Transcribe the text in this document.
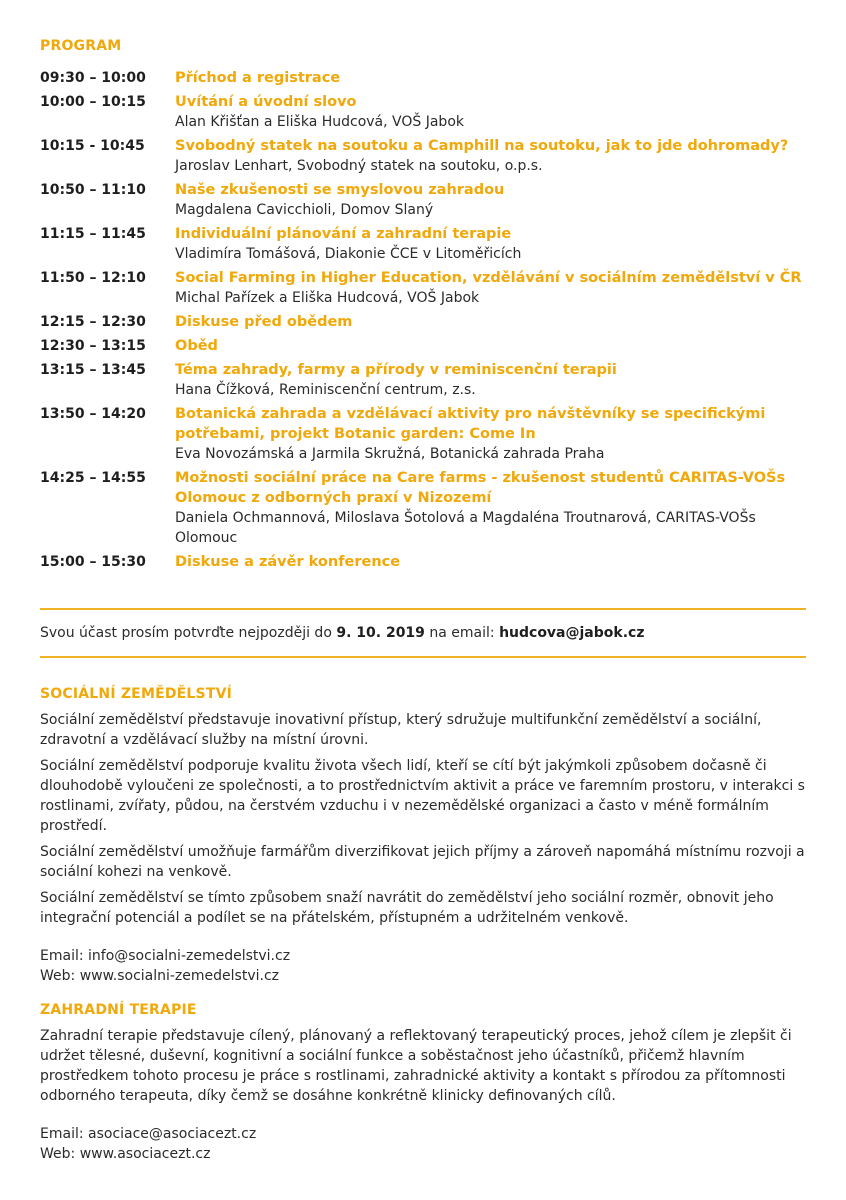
PROGRAM
09:30 – 10:00	Příchod a registrace
10:00 – 10:15	Uvítání a úvodní slovo
Alan Křišťan a Eliška Hudcová, VOŠ Jabok
10:15 - 10:45	Svobodný statek na soutoku a Camphill na soutoku, jak to jde dohromady?
Jaroslav Lenhart, Svobodný statek na soutoku, o.p.s.
10:50 – 11:10	Naše zkušenosti se smyslovou zahradou
Magdalena Cavicchioli, Domov Slaný
11:15 – 11:45	Individuální plánování a zahradní terapie
Vladimíra Tomášová, Diakonie ČCE v Litoměřicích
11:50 – 12:10	Social Farming in Higher Education, vzdělávání v sociálním zemědělství v ČR
Michal Pařízek a Eliška Hudcová, VOŠ Jabok
12:15 – 12:30	Diskuse před obědem
12:30 – 13:15	Oběd
13:15 – 13:45	Téma zahrady, farmy a přírody v reminiscenční terapii
Hana Čížková, Reminiscenční centrum, z.s.
13:50 – 14:20	Botanická zahrada a vzdělávací aktivity pro návštěvníky se specifickými potřebami, projekt Botanic garden: Come In
Eva Novozámská a Jarmila Skružná, Botanická zahrada Praha
14:25 – 14:55	Možnosti sociální práce na Care farms - zkušenost studentů CARITAS-VOŠs Olomouc z odborných praxí v Nizozemí
Daniela Ochmannová, Miloslava Šotolová a Magdaléna Troutnarová, CARITAS-VOŠs Olomouc
15:00 – 15:30	Diskuse a závěr konference
Svou účast prosím potvrďte nejpozději do 9. 10. 2019 na email: hudcova@jabok.cz
SOCIÁLNÍ ZEMĚDĚLSTVÍ

Sociální zemědělství představuje inovativní přístup, který sdružuje multifunkční zemědělství a sociální, zdravotní a vzdělávací služby na místní úrovni.

Sociální zemědělství podporuje kvalitu života všech lidí, kteří se cítí být jakýmkoli způsobem dočasně či dlouhodobě vyloučeni ze společnosti, a to prostřednictvím aktivit a práce ve faremním prostoru, v interakci s rostlinami, zvířaty, půdou, na čerstvém vzduchu i v nezemědělské organizaci a často v méně formálním prostředí.

Sociální zemědělství umožňuje farmářům diverzifikovat jejich příjmy a zároveň napomáhá místnímu rozvoji a sociální kohezi na venkově.

Sociální zemědělství se tímto způsobem snaží navrátit do zemědělství jeho sociální rozměr, obnovit jeho integrační potenciál a podílet se na přátelském, přístupném a udržitelném venkově.

Email: info@socialni-zemedelstvi.cz
Web: www.socialni-zemedelstvi.cz
ZAHRADNÍ TERAPIE

Zahradní terapie představuje cílený, plánovaný a reflektovaný terapeutický proces, jehož cílem je zlepšit či udržet tělesné, duševní, kognitivní a sociální funkce a soběstačnost jeho účastníků, přičemž hlavním prostředkem tohoto procesu je práce s rostlinami, zahradnické aktivity a kontakt s přírodou za přítomnosti odborného terapeuta, díky čemž se dosáhne konkrétně klinicky definovaných cílů.

Email: asociace@asociacezt.cz
Web: www.asociacezt.cz
